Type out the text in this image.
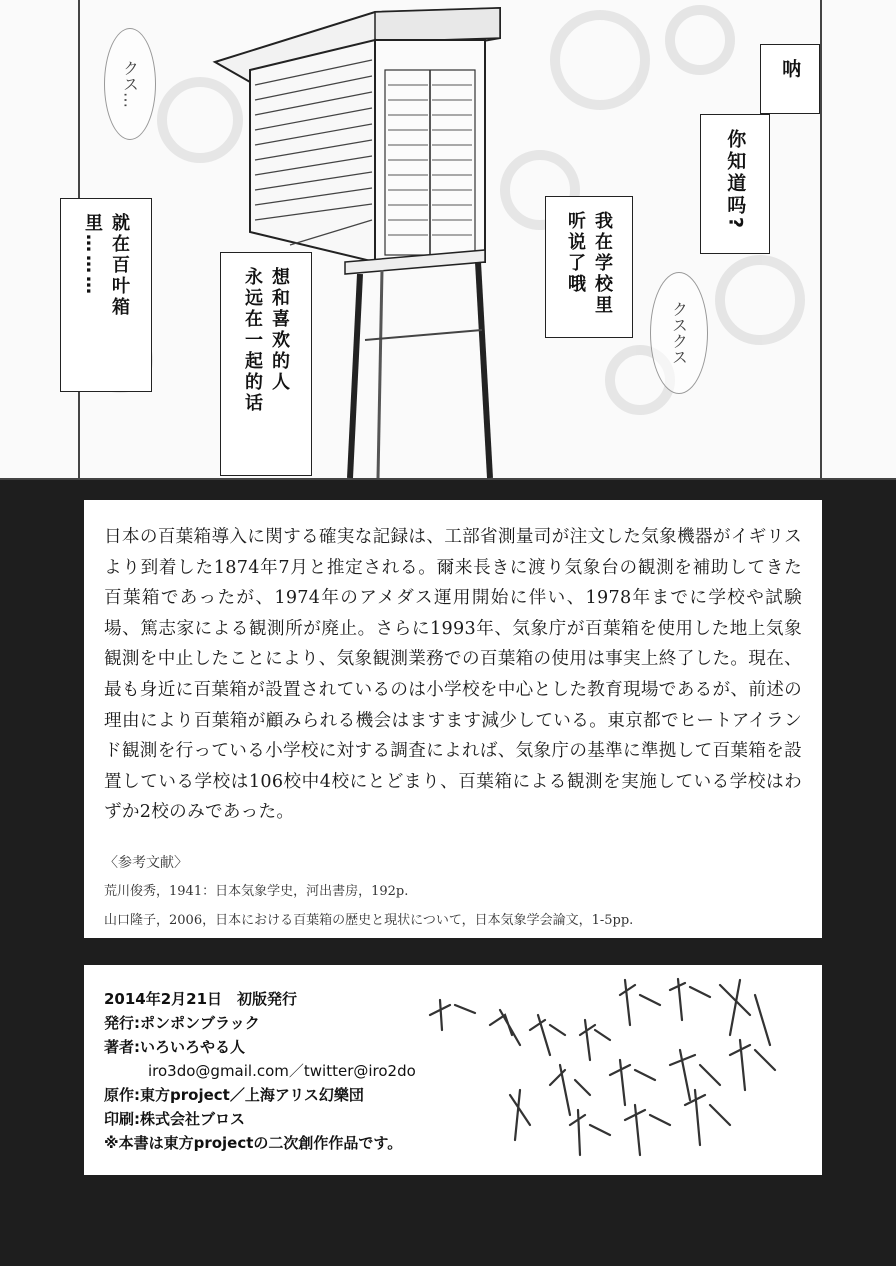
クス…
クスクス
呐
你知道吗?
我在学校里
听说了哦
想和喜欢的人
永远在一起的话
就在百叶箱里………

日本の百葉箱導入に関する確実な記録は、工部省測量司が注文した気象機器がイギリスより到着した1874年7月と推定される。爾来長きに渡り気象台の観測を補助してきた百葉箱であったが、1974年のアメダス運用開始に伴い、1978年までに学校や試験場、篤志家による観測所が廃止。さらに1993年、気象庁が百葉箱を使用した地上気象観測を中止したことにより、気象観測業務での百葉箱の使用は事実上終了した。現在、最も身近に百葉箱が設置されているのは小学校を中心とした教育現場であるが、前述の理由により百葉箱が顧みられる機会はますます減少している。東京都でヒートアイランド観測を行っている小学校に対する調査によれば、気象庁の基準に準拠して百葉箱を設置している学校は106校中4校にとどまり、百葉箱による観測を実施している学校はわずか2校のみであった。

〈参考文献〉
荒川俊秀，1941：日本気象学史，河出書房，192p.
山口隆子，2006，日本における百葉箱の歴史と現状について，日本気象学会論文，1-5pp.
2014年2月21日　初版発行
発行:ポンポンブラック
著者:いろいろやる人
iro3do@gmail.com／twitter@iro2do
原作:東方project／上海アリス幻樂団
印刷:株式会社ブロス
※本書は東方projectの二次創作作品です。
